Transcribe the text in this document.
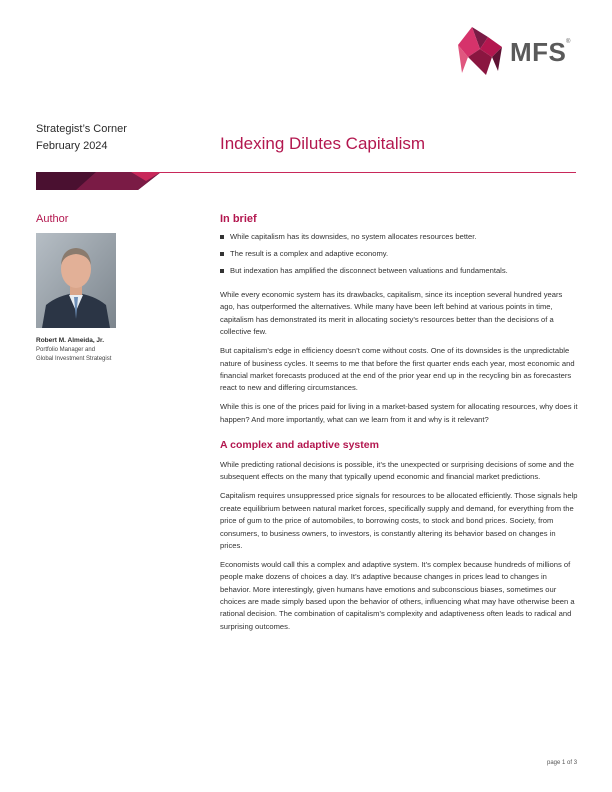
MFS ®
Strategist’s Corner
February 2024	Indexing Dilutes Capitalism
Author
Robert M. Almeida, Jr.
Portfolio Manager and
Global Investment Strategist
In brief
While capitalism has its downsides, no system allocates resources better.
The result is a complex and adaptive economy.
But indexation has amplified the disconnect between valuations and fundamentals.

While every economic system has its drawbacks, capitalism, since its inception several hundred years ago, has outperformed the alternatives. While many have been left behind at various points in time, capitalism has demonstrated its merit in allocating society’s resources better than the decisions of a collective few.

But capitalism’s edge in efficiency doesn’t come without costs. One of its downsides is the unpredictable nature of business cycles. It seems to me that before the first quarter ends each year, most economic and financial market forecasts produced at the end of the prior year end up in the recycling bin as forecasters react to new and differing circumstances.

While this is one of the prices paid for living in a market-based system for allocating resources, why does it happen? And more importantly, what can we learn from it and why is it relevant?

A complex and adaptive system

While predicting rational decisions is possible, it’s the unexpected or surprising decisions of some and the subsequent effects on the many that typically upend economic and financial market predictions.

Capitalism requires unsuppressed price signals for resources to be allocated efficiently. Those signals help create equilibrium between natural market forces, specifically supply and demand, for everything from the price of gum to the price of automobiles, to borrowing costs, to stock and bond prices. Society, from consumers, to business owners, to investors, is constantly altering its behavior based on changes in prices.

Economists would call this a complex and adaptive system. It’s complex because hundreds of millions of people make dozens of choices a day. It’s adaptive because changes in prices lead to changes in behavior. More interestingly, given humans have emotions and subconscious biases, sometimes our choices are made simply based upon the behavior of others, influencing what may have otherwise been a rational decision. The combination of capitalism’s complexity and adaptiveness often leads to radical and surprising outcomes.

page 1 of 3
